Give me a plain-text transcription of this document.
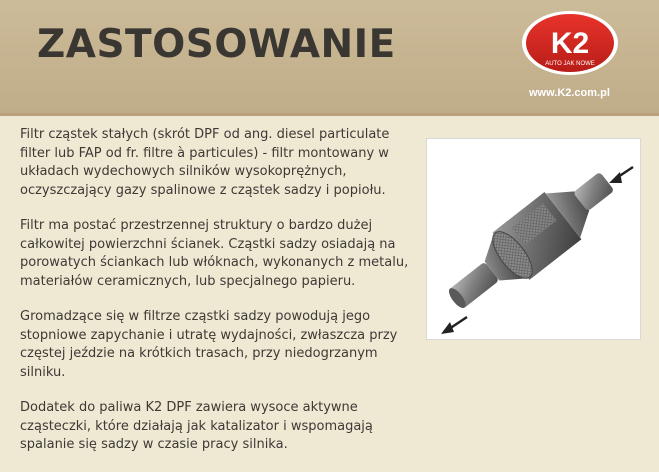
ZASTOSOWANIE	K2
AUTO JAK NOWE
www.K2.com.pl

Filtr cząstek stałych (skrót DPF od ang. diesel particulate filter lub FAP od fr. filtre à particules) - filtr montowany w układach wydechowych silników wysokoprężnych, oczyszczający gazy spalinowe z cząstek sadzy i popiołu.

Filtr ma postać przestrzennej struktury o bardzo dużej całkowitej powierzchni ścianek. Cząstki sadzy osiadają na porowatych ściankach lub włóknach, wykonanych z metalu, materiałów ceramicznych, lub specjalnego papieru.

Gromadzące się w filtrze cząstki sadzy powodują jego stopniowe zapychanie i utratę wydajności, zwłaszcza przy częstej jeździe na krótkich trasach, przy niedogrzanym silniku.

Dodatek do paliwa K2 DPF zawiera wysoce aktywne cząsteczki, które działają jak katalizator i wspomagają spalanie się sadzy w czasie pracy silnika.
